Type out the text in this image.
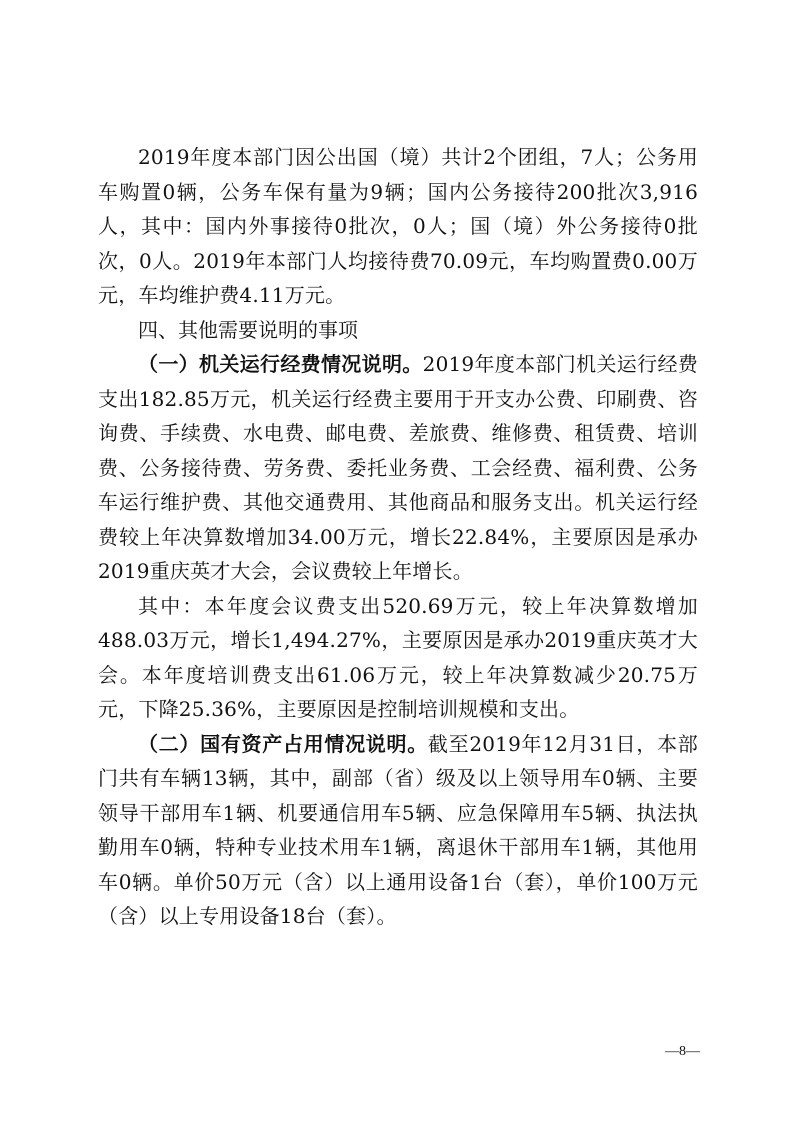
2019年度本部门因公出国（境）共计2个团组，7人；公务用车购置0辆，公务车保有量为9辆；国内公务接待200批次3,916人，其中：国内外事接待0批次，0人；国（境）外公务接待0批次，0人。2019年本部门人均接待费70.09元，车均购置费0.00万元，车均维护费4.11万元。

四、其他需要说明的事项

（一）机关运行经费情况说明。2019年度本部门机关运行经费支出182.85万元，机关运行经费主要用于开支办公费、印刷费、咨询费、手续费、水电费、邮电费、差旅费、维修费、租赁费、培训费、公务接待费、劳务费、委托业务费、工会经费、福利费、公务车运行维护费、其他交通费用、其他商品和服务支出。机关运行经费较上年决算数增加34.00万元，增长22.84%，主要原因是承办2019重庆英才大会，会议费较上年增长。

其中：本年度会议费支出520.69万元，较上年决算数增加488.03万元，增长1,494.27%，主要原因是承办2019重庆英才大会。本年度培训费支出61.06万元，较上年决算数减少20.75万元，下降25.36%，主要原因是控制培训规模和支出。

（二）国有资产占用情况说明。截至2019年12月31日，本部门共有车辆13辆，其中，副部（省）级及以上领导用车0辆、主要领导干部用车1辆、机要通信用车5辆、应急保障用车5辆、执法执勤用车0辆，特种专业技术用车1辆，离退休干部用车1辆，其他用车0辆。单价50万元（含）以上通用设备1台（套），单价100万元（含）以上专用设备18台（套）。

—8—
